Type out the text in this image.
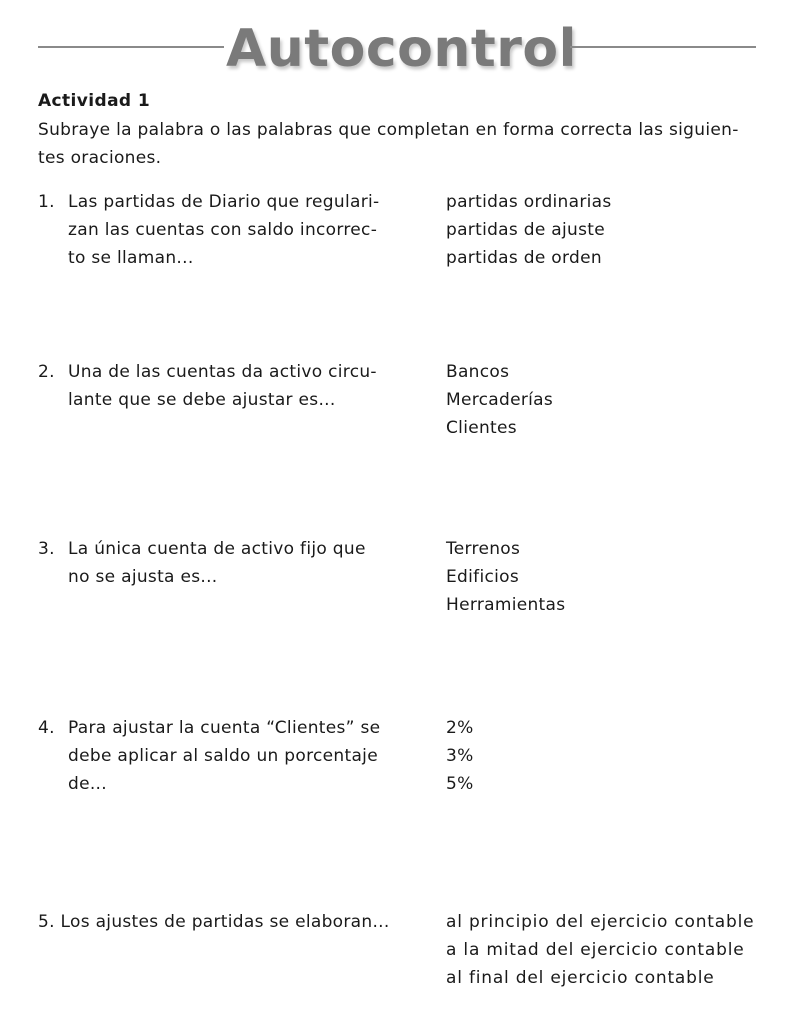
Autocontrol
Actividad 1
Subraye la palabra o las palabras que completan en forma correcta las siguien-
tes oraciones.
1. Las partidas de Diario que regulari-
zan las cuentas con saldo incorrec-
to se llaman...
partidas ordinarias
partidas de ajuste
partidas de orden
2. Una de las cuentas da activo circu-
lante que se debe ajustar es...
Bancos
Mercaderías
Clientes
3. La única cuenta de activo fijo que
no se ajusta es...
Terrenos
Edificios
Herramientas
4. Para ajustar la cuenta “Clientes” se
debe aplicar al saldo un porcentaje
de...
2%
3%
5%
5. Los ajustes de partidas se elaboran...	al principio del ejercicio contable
a la mitad del ejercicio contable
al final del ejercicio contable
